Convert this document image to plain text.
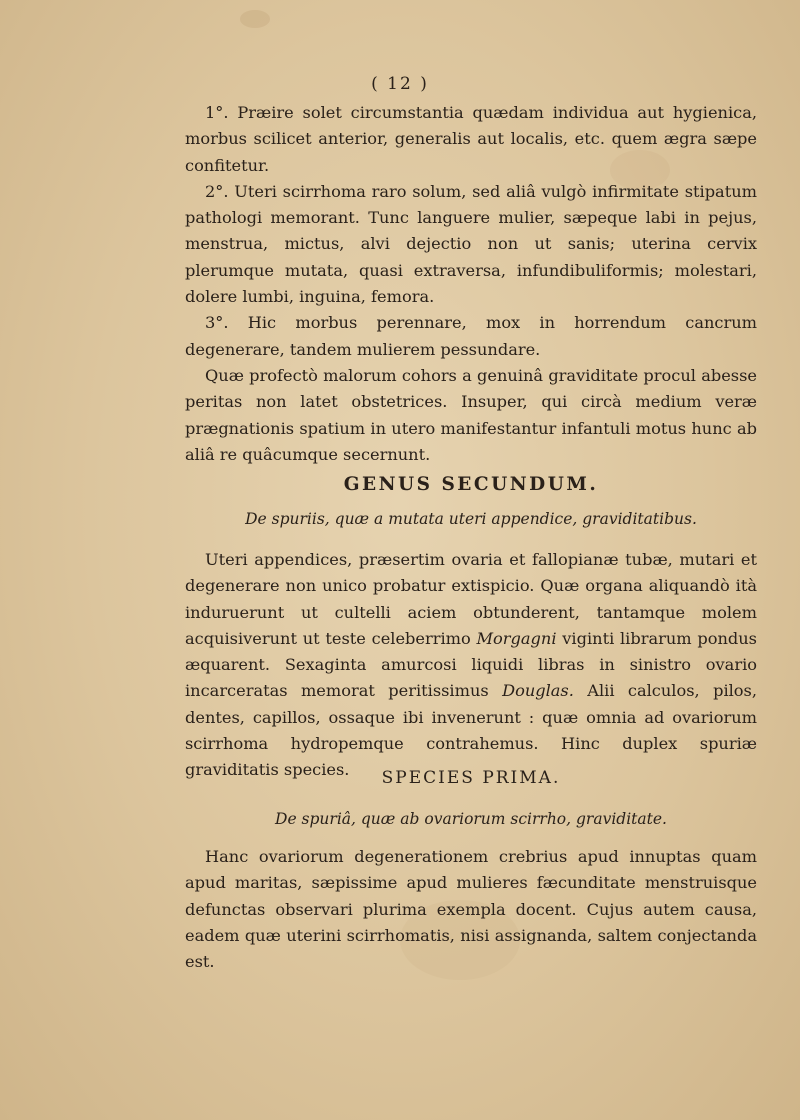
( 12 )

1°. Præire solet circumstantia quædam individua aut hygienica, morbus scilicet anterior, generalis aut localis, etc. quem ægra sæpe confitetur.

2°. Uteri scirrhoma raro solum, sed aliâ vulgò infirmitate stipatum pathologi memorant. Tunc languere mulier, sæpeque labi in pejus, menstrua, mictus, alvi dejectio non ut sanis; uterina cervix plerumque mutata, quasi extraversa, infundibuliformis; molestari, dolere lumbi, inguina, femora.

3°. Hic morbus perennare, mox in horrendum cancrum degenerare, tandem mulierem pessundare.

Quæ profectò malorum cohors a genuinâ graviditate procul abesse peritas non latet obstetrices. Insuper, qui circà medium veræ prægnationis spatium in utero manifestantur infantuli motus hunc ab aliâ re quâcumque secernunt.

GENUS SECUNDUM.
De spuriis, quæ a mutata uteri appendice, graviditatibus.

Uteri appendices, præsertim ovaria et fallopianæ tubæ, mutari et degenerare non unico probatur extispicio. Quæ organa aliquandò ità induruerunt ut cultelli aciem obtunderent, tantamque molem acquisiverunt ut teste celeberrimo Morgagni viginti librarum pondus æquarent. Sexaginta amurcosi liquidi libras in sinistro ovario incarceratas memorat peritissimus Douglas. Alii calculos, pilos, dentes, capillos, ossaque ibi invenerunt : quæ omnia ad ovariorum scirrhoma hydropemque contrahemus. Hinc duplex spuriæ graviditatis species.	SPECIES PRIMA.
De spuriâ, quæ ab ovariorum scirrho, graviditate.

Hanc ovariorum degenerationem crebrius apud innuptas quam apud maritas, sæpissime apud mulieres fæcunditate menstruisque defunctas observari plurima exempla docent. Cujus autem causa, eadem quæ uterini scirrhomatis, nisi assignanda, saltem conjectanda est.
